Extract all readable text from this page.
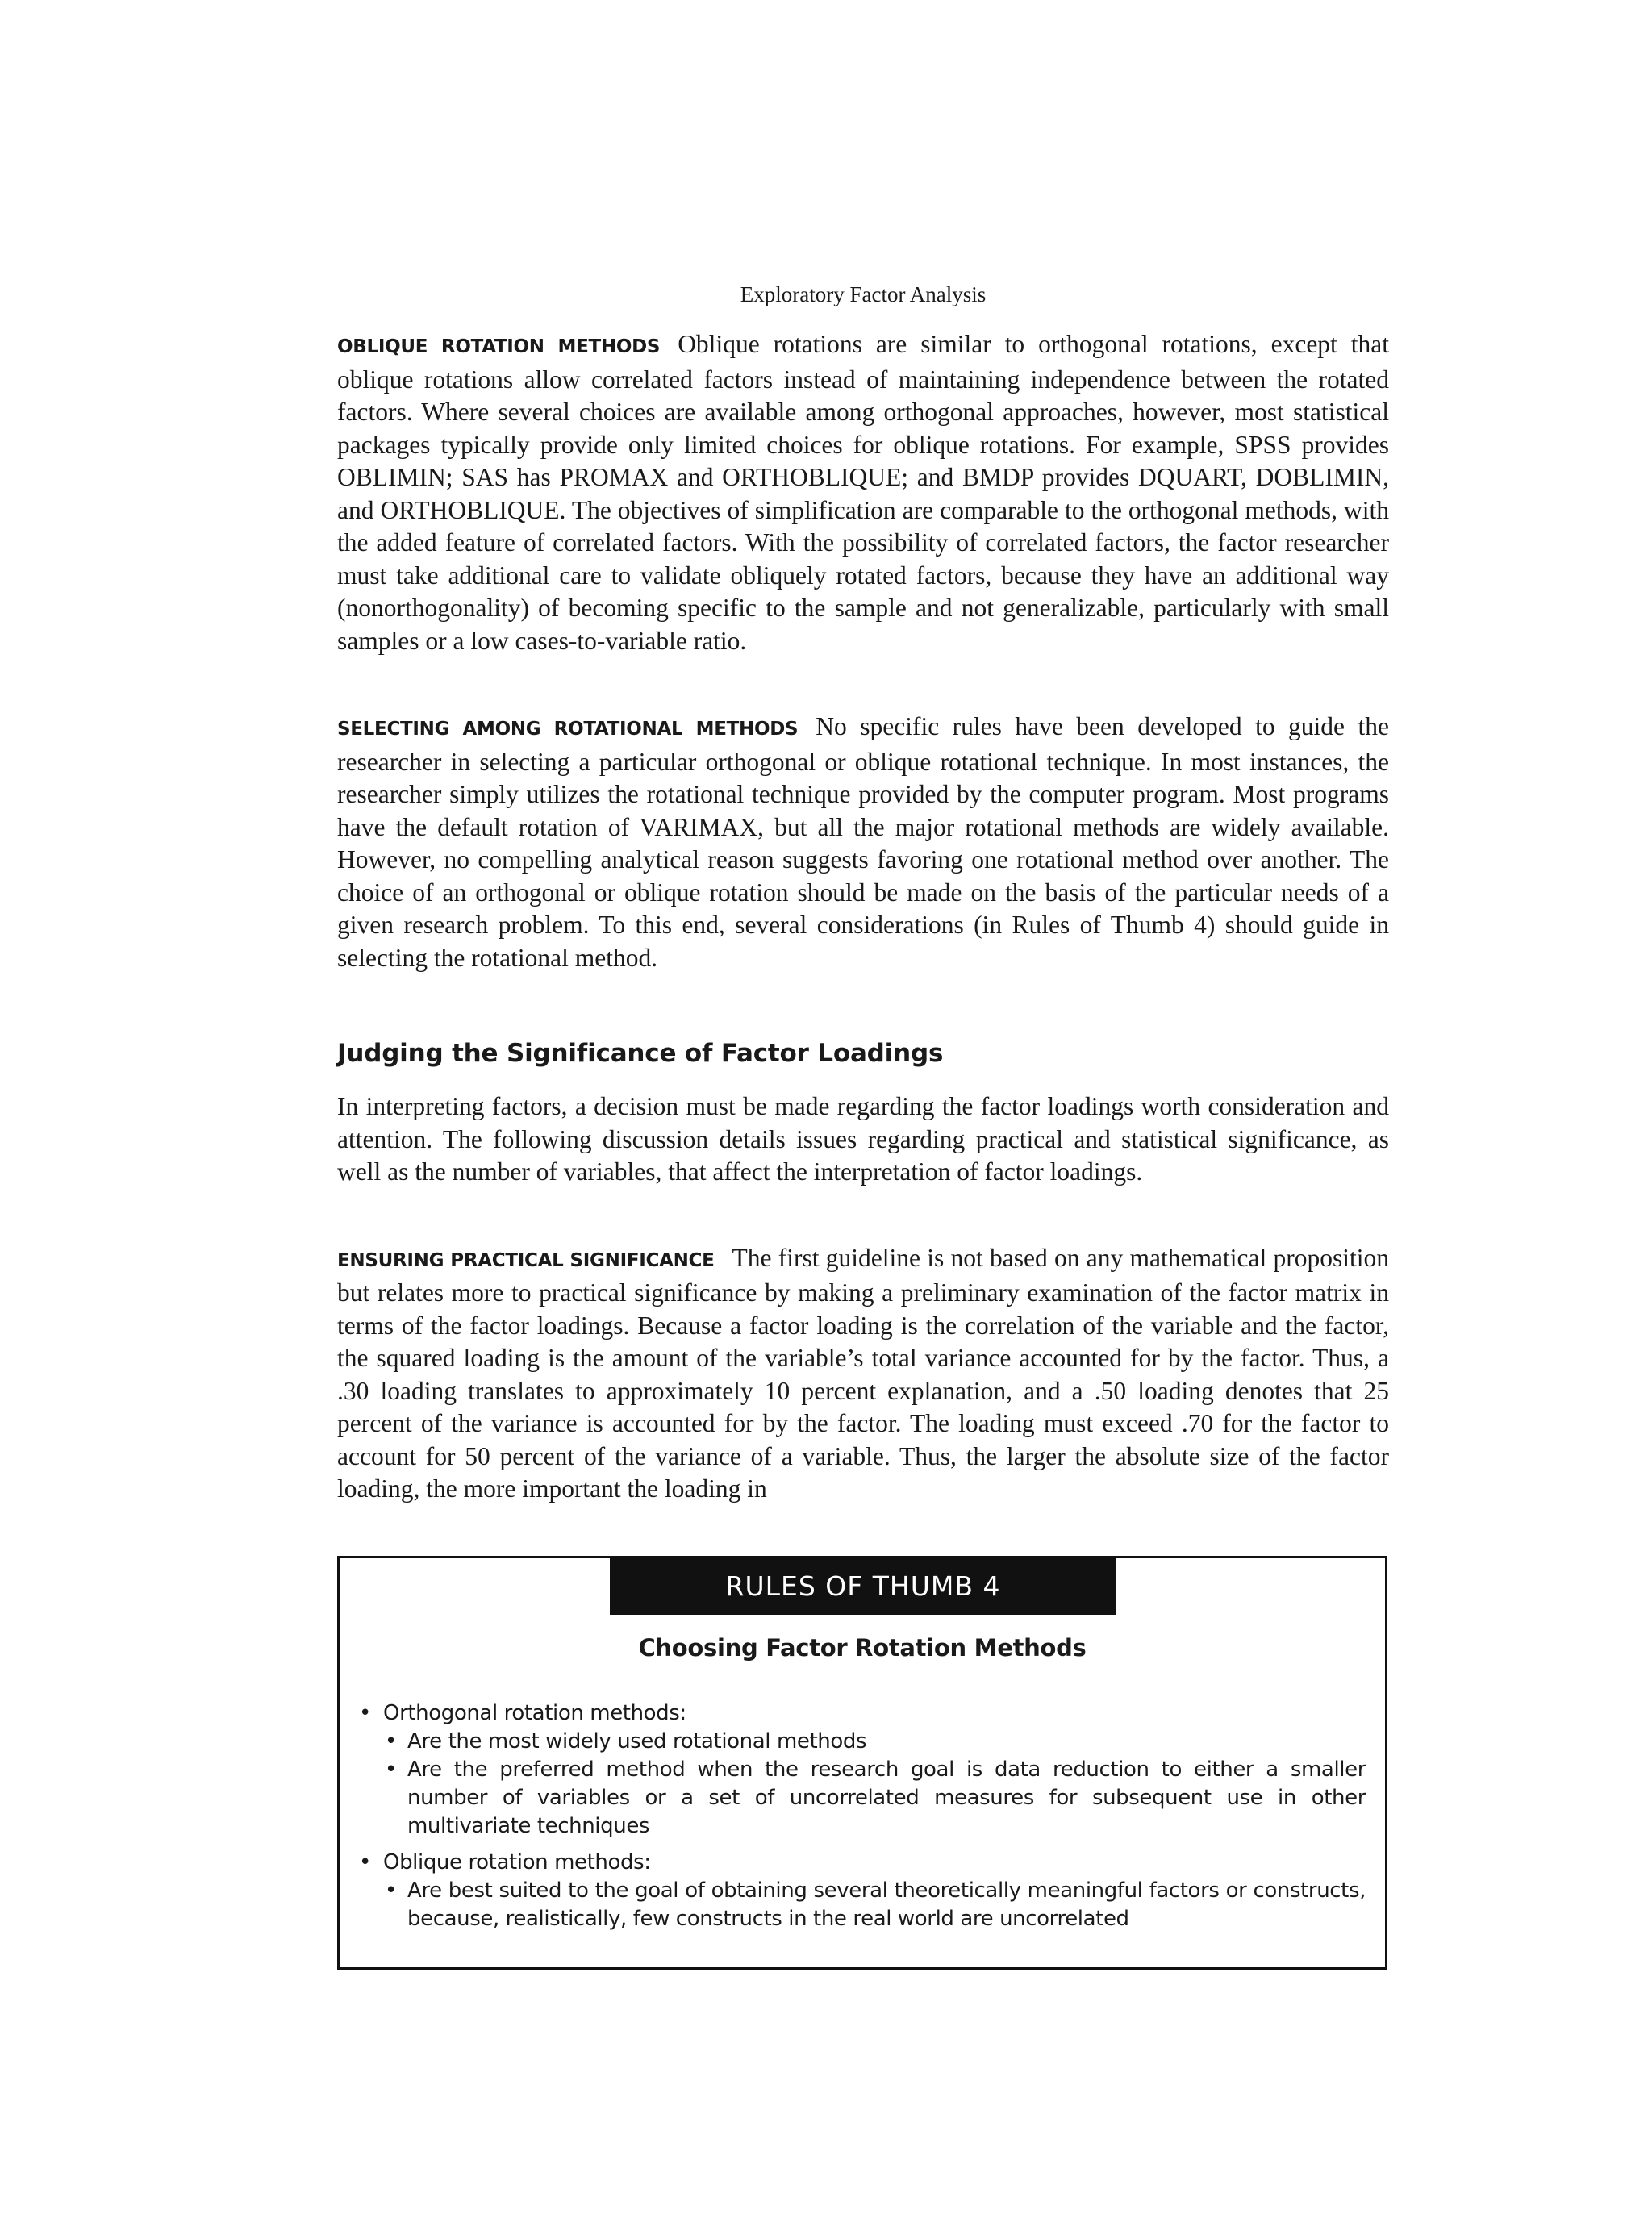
Exploratory Factor Analysis

OBLIQUE ROTATION METHODS Oblique rotations are similar to orthogonal rotations, except that oblique rotations allow correlated factors instead of maintaining independence between the rotated factors. Where several choices are available among orthogonal approaches, however, most statistical packages typically provide only limited choices for oblique rotations. For example, SPSS provides OBLIMIN; SAS has PROMAX and ORTHOBLIQUE; and BMDP provides DQUART, DOBLIMIN, and ORTHOBLIQUE. The objectives of simplification are comparable to the orthogonal methods, with the added feature of correlated factors. With the possibility of correlated factors, the factor researcher must take additional care to validate obliquely rotated factors, because they have an additional way (nonorthogonality) of becoming specific to the sample and not generalizable, particularly with small samples or a low cases-to-variable ratio.

SELECTING AMONG ROTATIONAL METHODS No specific rules have been developed to guide the researcher in selecting a particular orthogonal or oblique rotational technique. In most instances, the researcher simply utilizes the rotational technique provided by the computer program. Most programs have the default rotation of VARIMAX, but all the major rotational methods are widely available. However, no compelling analytical reason suggests favoring one rotational method over another. The choice of an orthogonal or oblique rotation should be made on the basis of the particular needs of a given research problem. To this end, several considerations (in Rules of Thumb 4) should guide in selecting the rotational method.

Judging the Significance of Factor Loadings

In interpreting factors, a decision must be made regarding the factor loadings worth consideration and attention. The following discussion details issues regarding practical and statistical significance, as well as the number of variables, that affect the interpretation of factor loadings.

ENSURING PRACTICAL SIGNIFICANCE The first guideline is not based on any mathematical proposition but relates more to practical significance by making a preliminary examination of the factor matrix in terms of the factor loadings. Because a factor loading is the correlation of the variable and the factor, the squared loading is the amount of the variable’s total variance accounted for by the factor. Thus, a .30 loading translates to approximately 10 percent explanation, and a .50 loading denotes that 25 percent of the variance is accounted for by the factor. The loading must exceed .70 for the factor to account for 50 percent of the variance of a variable. Thus, the larger the absolute size of the factor loading, the more important the loading in

RULES OF THUMB 4
Choosing Factor Rotation Methods
• Orthogonal rotation methods:
• Are the most widely used rotational methods
• Are the preferred method when the research goal is data reduction to either a smaller number of variables or a set of uncorrelated measures for subsequent use in other multivariate techniques
• Oblique rotation methods:
• Are best suited to the goal of obtaining several theoretically meaningful factors or constructs, because, realistically, few constructs in the real world are uncorrelated
